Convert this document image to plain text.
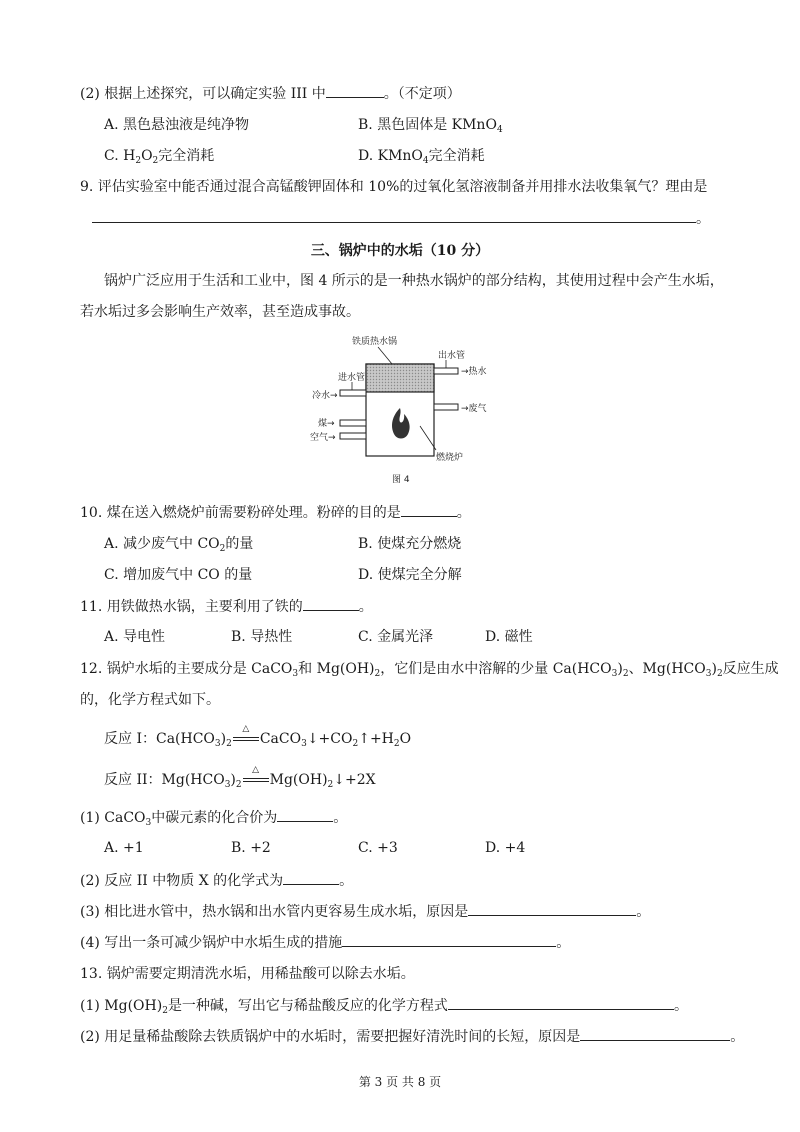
(2) 根据上述探究，可以确定实验 III 中	。（不定项）
A. 黑色悬浊液是纯净物	B. 黑色固体是 KMnO$_4$
C. $H_2O_2$完全消耗	D. KMnO$_4$完全消耗
9. 评估实验室中能否通过混合高锰酸钾固体和 10%的过氧化氢溶液制备并用排水法收集氧气？理由是
。
三、锅炉中的水垢（10 分）
锅炉广泛应用于生活和工业中，图 4 所示的是一种热水锅炉的部分结构，其使用过程中会产生水垢，
若水垢过多会影响生产效率，甚至造成事故。
铁质热水锅
出水管
→热水
进水管
冷水→
→废气
煤→
空气→
燃烧炉
图 4
10. 煤在送入燃烧炉前需要粉碎处理。粉碎的目的是	。
A. 减少废气中 $CO_2$的量	B. 使煤充分燃烧
C. 增加废气中 CO 的量	D. 使煤完全分解
11. 用铁做热水锅，主要利用了铁的	。
A. 导电性	B. 导热性	C. 金属光泽	D. 磁性
12. 锅炉水垢的主要成分是 CaCO$_3$和 $Mg(OH)_2$，它们是由水中溶解的少量 $Ca(HCO_3)_2$、$Mg(HCO_3)_2$反应生成
的，化学方程式如下。
反应 I：$Ca(HCO_3)_2$
△
$CaCO_3↓+CO_2↑+H_2O$
反应 II：$Mg(HCO_3)_2$
△
$Mg(OH)_2↓+2X$
(1) CaCO$_3$中碳元素的化合价为	。
A. +1	B. +2	C. +3	D. +4
(2) 反应 II 中物质 X 的化学式为	。
(3) 相比进水管中，热水锅和出水管内更容易生成水垢，原因是	。
(4) 写出一条可减少锅炉中水垢生成的措施	。
13. 锅炉需要定期清洗水垢，用稀盐酸可以除去水垢。
(1) $Mg(OH)_2$是一种碱，写出它与稀盐酸反应的化学方程式	。
(2) 用足量稀盐酸除去铁质锅炉中的水垢时，需要把握好清洗时间的长短，原因是	。
第 3 页 共 8 页
